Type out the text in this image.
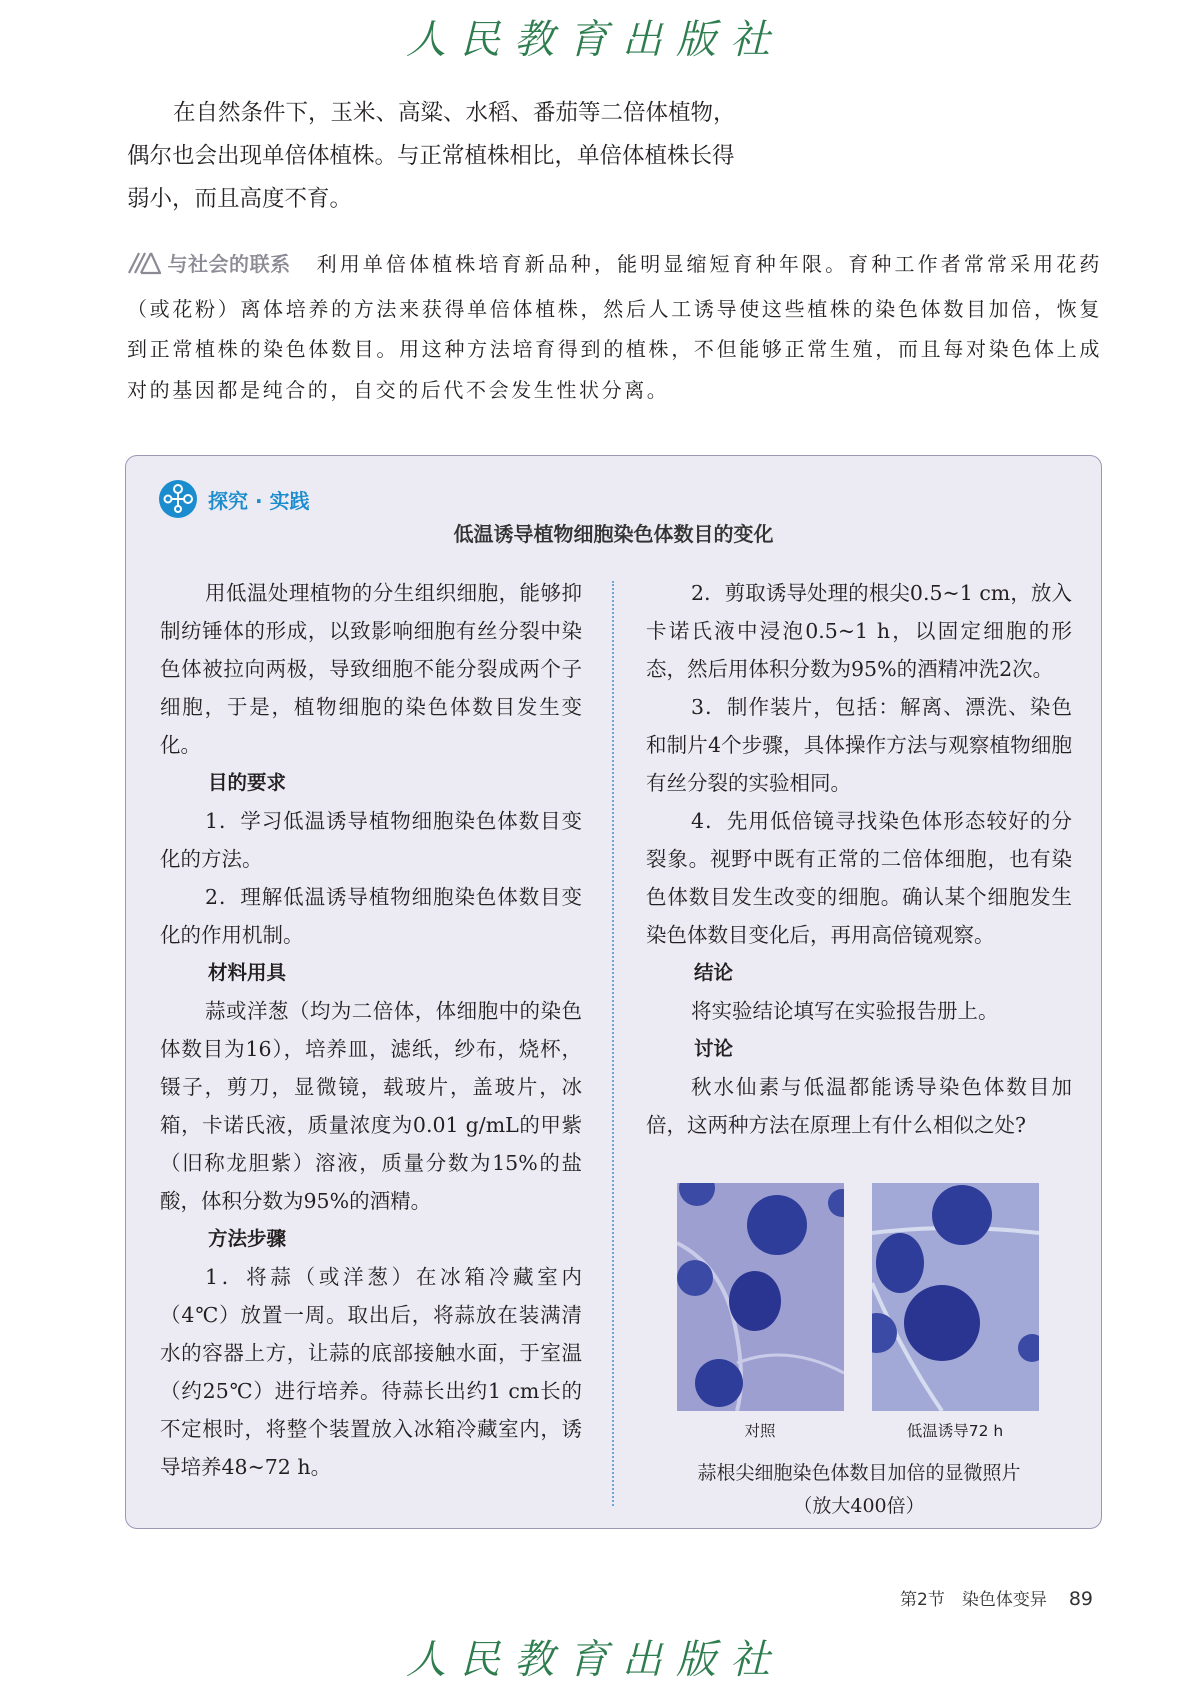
人民教育出版社

在自然条件下，玉米、高粱、水稻、番茄等二倍体植物，偶尔也会出现单倍体植株。与正常植株相比，单倍体植株长得弱小，而且高度不育。

与社会的联系 利用单倍体植株培育新品种，能明显缩短育种年限。育种工作者常常采用花药（或花粉）离体培养的方法来获得单倍体植株，然后人工诱导使这些植株的染色体数目加倍，恢复到正常植株的染色体数目。用这种方法培育得到的植株，不但能够正常生殖，而且每对染色体上成对的基因都是纯合的，自交的后代不会发生性状分离。
探究 · 实践
低温诱导植物细胞染色体数目的变化

用低温处理植物的分生组织细胞，能够抑制纺锤体的形成，以致影响细胞有丝分裂中染色体被拉向两极，导致细胞不能分裂成两个子细胞，于是，植物细胞的染色体数目发生变化。

目的要求

1．学习低温诱导植物细胞染色体数目变化的方法。

2．理解低温诱导植物细胞染色体数目变化的作用机制。

材料用具

蒜或洋葱（均为二倍体，体细胞中的染色体数目为16），培养皿，滤纸，纱布，烧杯，镊子，剪刀，显微镜，载玻片，盖玻片，冰箱，卡诺氏液，质量浓度为0.01 g/mL的甲紫（旧称龙胆紫）溶液，质量分数为15%的盐酸，体积分数为95%的酒精。

方法步骤

1．将蒜（或洋葱）在冰箱冷藏室内（4℃）放置一周。取出后，将蒜放在装满清水的容器上方，让蒜的底部接触水面，于室温（约25℃）进行培养。待蒜长出约1 cm长的不定根时，将整个装置放入冰箱冷藏室内，诱导培养48~72 h。

2．剪取诱导处理的根尖0.5~1 cm，放入卡诺氏液中浸泡0.5~1 h，以固定细胞的形态，然后用体积分数为95%的酒精冲洗2次。

3．制作装片，包括：解离、漂洗、染色和制片4个步骤，具体操作方法与观察植物细胞有丝分裂的实验相同。

4．先用低倍镜寻找染色体形态较好的分裂象。视野中既有正常的二倍体细胞，也有染色体数目发生改变的细胞。确认某个细胞发生染色体数目变化后，再用高倍镜观察。

结论

将实验结论填写在实验报告册上。

讨论

秋水仙素与低温都能诱导染色体数目加倍，这两种方法在原理上有什么相似之处?

对照	低温诱导72 h
蒜根尖细胞染色体数目加倍的显微照片
（放大400倍）
第2节　染色体变异 89
人民教育出版社
